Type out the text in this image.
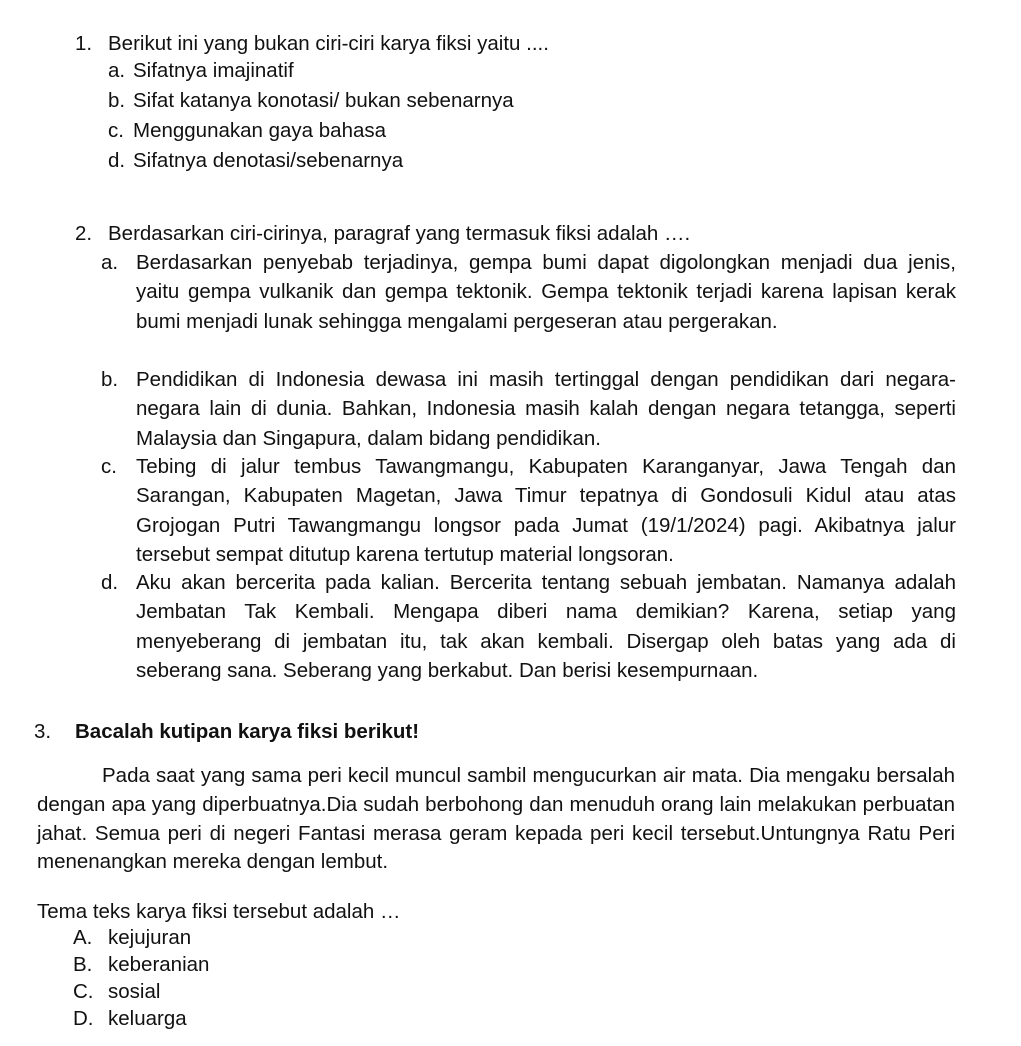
1. Berikut ini yang bukan ciri-ciri karya fiksi yaitu ....
a. Sifatnya imajinatif
b. Sifat katanya konotasi/ bukan sebenarnya
c. Menggunakan gaya bahasa
d. Sifatnya denotasi/sebenarnya
2. Berdasarkan ciri-cirinya, paragraf yang termasuk fiksi adalah ….
a. Berdasarkan penyebab terjadinya, gempa bumi dapat digolongkan menjadi dua jenis, yaitu gempa vulkanik dan gempa tektonik. Gempa tektonik terjadi karena lapisan kerak bumi menjadi lunak sehingga mengalami pergeseran atau pergerakan.
b. Pendidikan di Indonesia dewasa ini masih tertinggal dengan pendidikan dari negara-negara lain di dunia. Bahkan, Indonesia masih kalah dengan negara tetangga, seperti Malaysia dan Singapura, dalam bidang pendidikan.
c. Tebing di jalur tembus Tawangmangu, Kabupaten Karanganyar, Jawa Tengah dan Sarangan, Kabupaten Magetan, Jawa Timur tepatnya di Gondosuli Kidul atau atas Grojogan Putri Tawangmangu longsor pada Jumat (19/1/2024) pagi. Akibatnya jalur tersebut sempat ditutup karena tertutup material longsoran.
d. Aku akan bercerita pada kalian. Bercerita tentang sebuah jembatan. Namanya adalah Jembatan Tak Kembali. Mengapa diberi nama demikian? Karena, setiap yang menyeberang di jembatan itu, tak akan kembali. Disergap oleh batas yang ada di seberang sana. Seberang yang berkabut. Dan berisi kesempurnaan.
3. Bacalah kutipan karya fiksi berikut!

Pada saat yang sama peri kecil muncul sambil mengucurkan air mata. Dia mengaku bersalah dengan apa yang diperbuatnya.Dia sudah berbohong dan menuduh orang lain melakukan perbuatan jahat. Semua peri di negeri Fantasi merasa geram kepada peri kecil tersebut.Untungnya Ratu Peri menenangkan mereka dengan lembut.

Tema teks karya fiksi tersebut adalah …
A. kejujuran
B. keberanian
C. sosial
D. keluarga
